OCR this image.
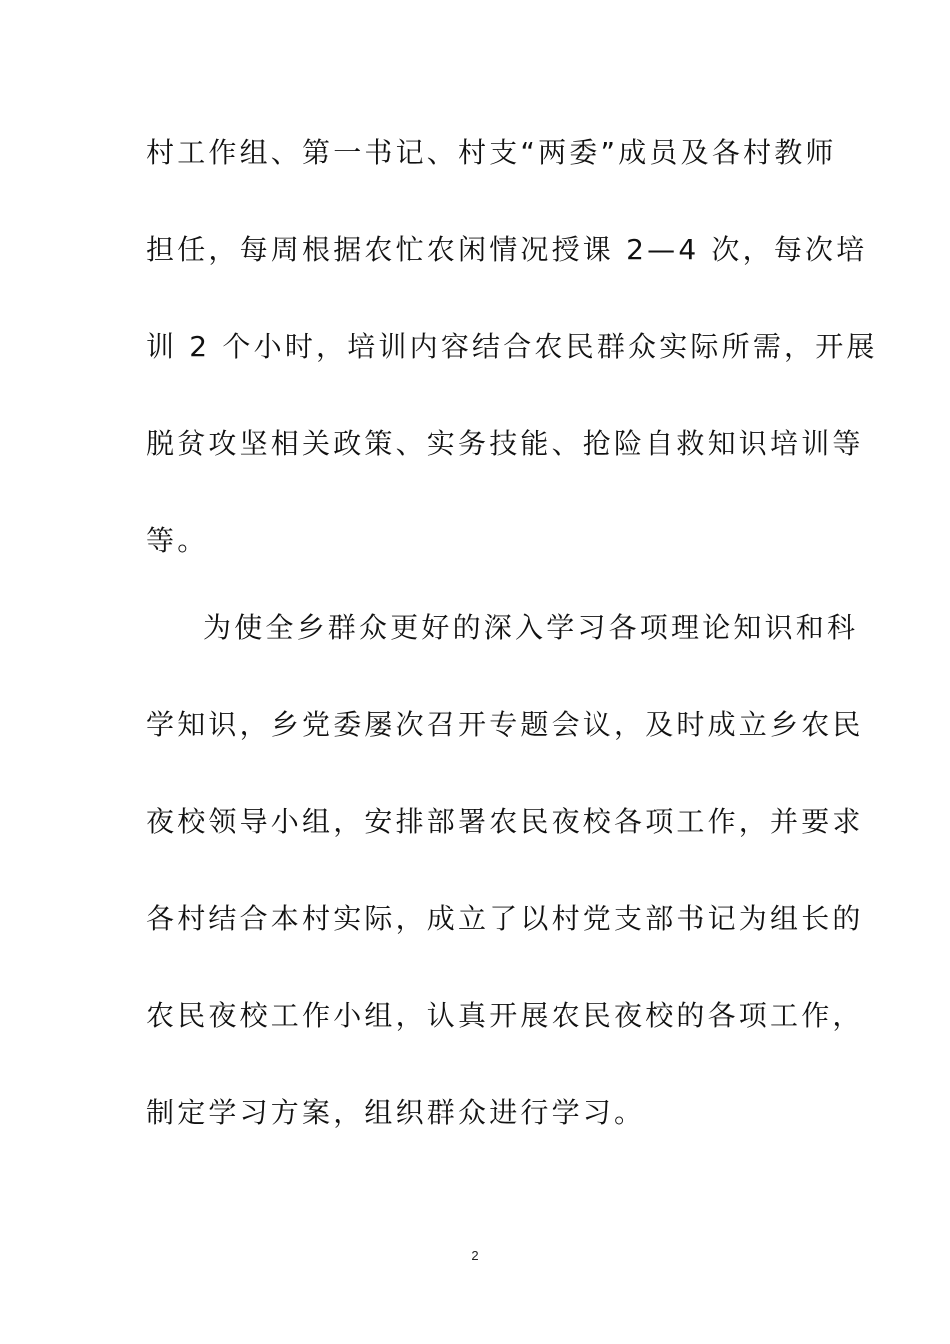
村工作组、第一书记、村支“两委”成员及各村教师
担任，每周根据农忙农闲情况授课 2—4 次，每次培
训 2 个小时，培训内容结合农民群众实际所需，开展
脱贫攻坚相关政策、实务技能、抢险自救知识培训等
等。
为使全乡群众更好的深入学习各项理论知识和科
学知识，乡党委屡次召开专题会议，及时成立乡农民
夜校领导小组，安排部署农民夜校各项工作，并要求
各村结合本村实际，成立了以村党支部书记为组长的
农民夜校工作小组，认真开展农民夜校的各项工作，
制定学习方案，组织群众进行学习。
2
